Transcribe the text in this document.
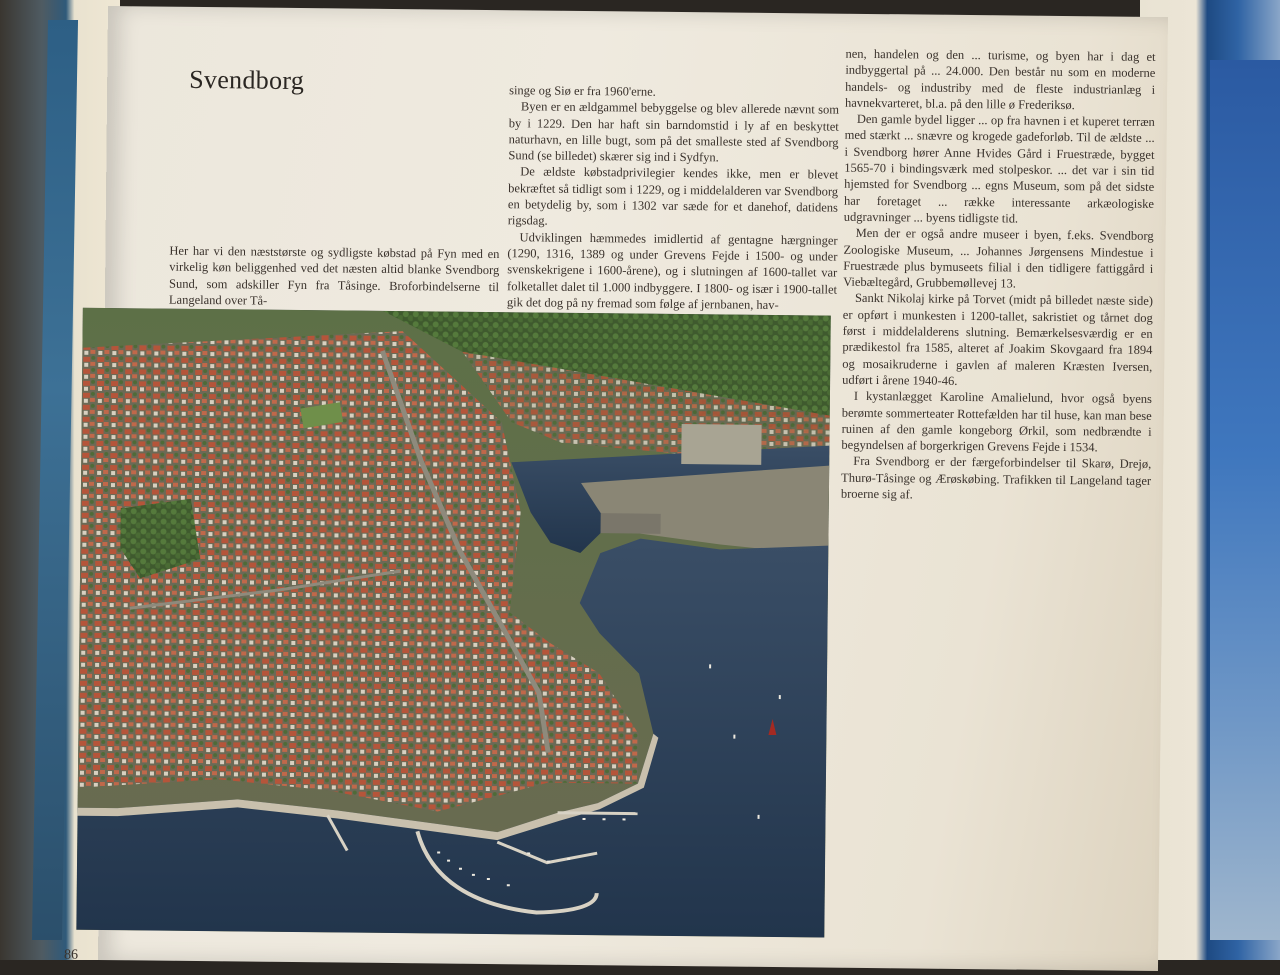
Svendborg

Her har vi den næststørste og sydligste købstad på Fyn med en virkelig køn beliggenhed ved det næsten altid blanke Svendborg Sund, som adskiller Fyn fra Tåsinge. Broforbindelserne til Langeland over Tå-

singe og Siø er fra 1960'erne.

Byen er en ældgammel bebyggelse og blev allerede nævnt som by i 1229. Den har haft sin barndomstid i ly af en beskyttet naturhavn, en lille bugt, som på det smalleste sted af Svendborg Sund (se billedet) skærer sig ind i Sydfyn.

De ældste købstadprivilegier kendes ikke, men er blevet bekræftet så tidligt som i 1229, og i middelalderen var Svendborg en betydelig by, som i 1302 var sæde for et danehof, datidens rigsdag.

Udviklingen hæmmedes imidlertid af gentagne hærgninger (1290, 1316, 1389 og under Grevens Fejde i 1500- og under svenskekrigene i 1600-årene), og i slutningen af 1600-tallet var folketallet dalet til 1.000 indbyggere. I 1800- og især i 1900-tallet gik det dog på ny fremad som følge af jernbanen, hav-

nen, handelen og den ... turisme, og byen har i dag et indbyggertal på ... 24.000. Den består nu som en moderne handels- og industriby med de fleste industrianlæg i havnekvarteret, bl.a. på den lille ø Frederiksø.

Den gamle bydel ligger ... op fra havnen i et kuperet terræn med stærkt ... snævre og krogede gadeforløb. Til de ældste ... i Svendborg hører Anne Hvides Gård i Fruestræde, bygget 1565-70 i bindingsværk med stolpeskor. ... det var i sin tid hjemsted for Svendborg ... egns Museum, som på det sidste har foretaget ... række interessante arkæologiske udgravninger ... byens tidligste tid.

Men der er også andre museer i byen, f.eks. Svendborg Zoologiske Museum, ... Johannes Jørgensens Mindestue i Fruestræde plus bymuseets filial i den tidligere fattiggård i Viebæltegård, Grubbemøllevej 13.

Sankt Nikolaj kirke på Torvet (midt på billedet næste side) er opført i munkesten i 1200-tallet, sakristiet og tårnet dog først i middelalderens slutning. Bemærkelsesværdig er en prædikestol fra 1585, alteret af Joakim Skovgaard fra 1894 og mosaikruderne i gavlen af maleren Kræsten Iversen, udført i årene 1940-46.

I kystanlægget Karoline Amalielund, hvor også byens berømte sommerteater Rottefælden har til huse, kan man bese ruinen af den gamle kongeborg Ørkil, som nedbrændte i begyndelsen af borgerkrigen Grevens Fejde i 1534.

Fra Svendborg er der færgeforbindelser til Skarø, Drejø, Thurø-Tåsinge og Ærøskøbing. Trafikken til Langeland tager broerne sig af.

86
